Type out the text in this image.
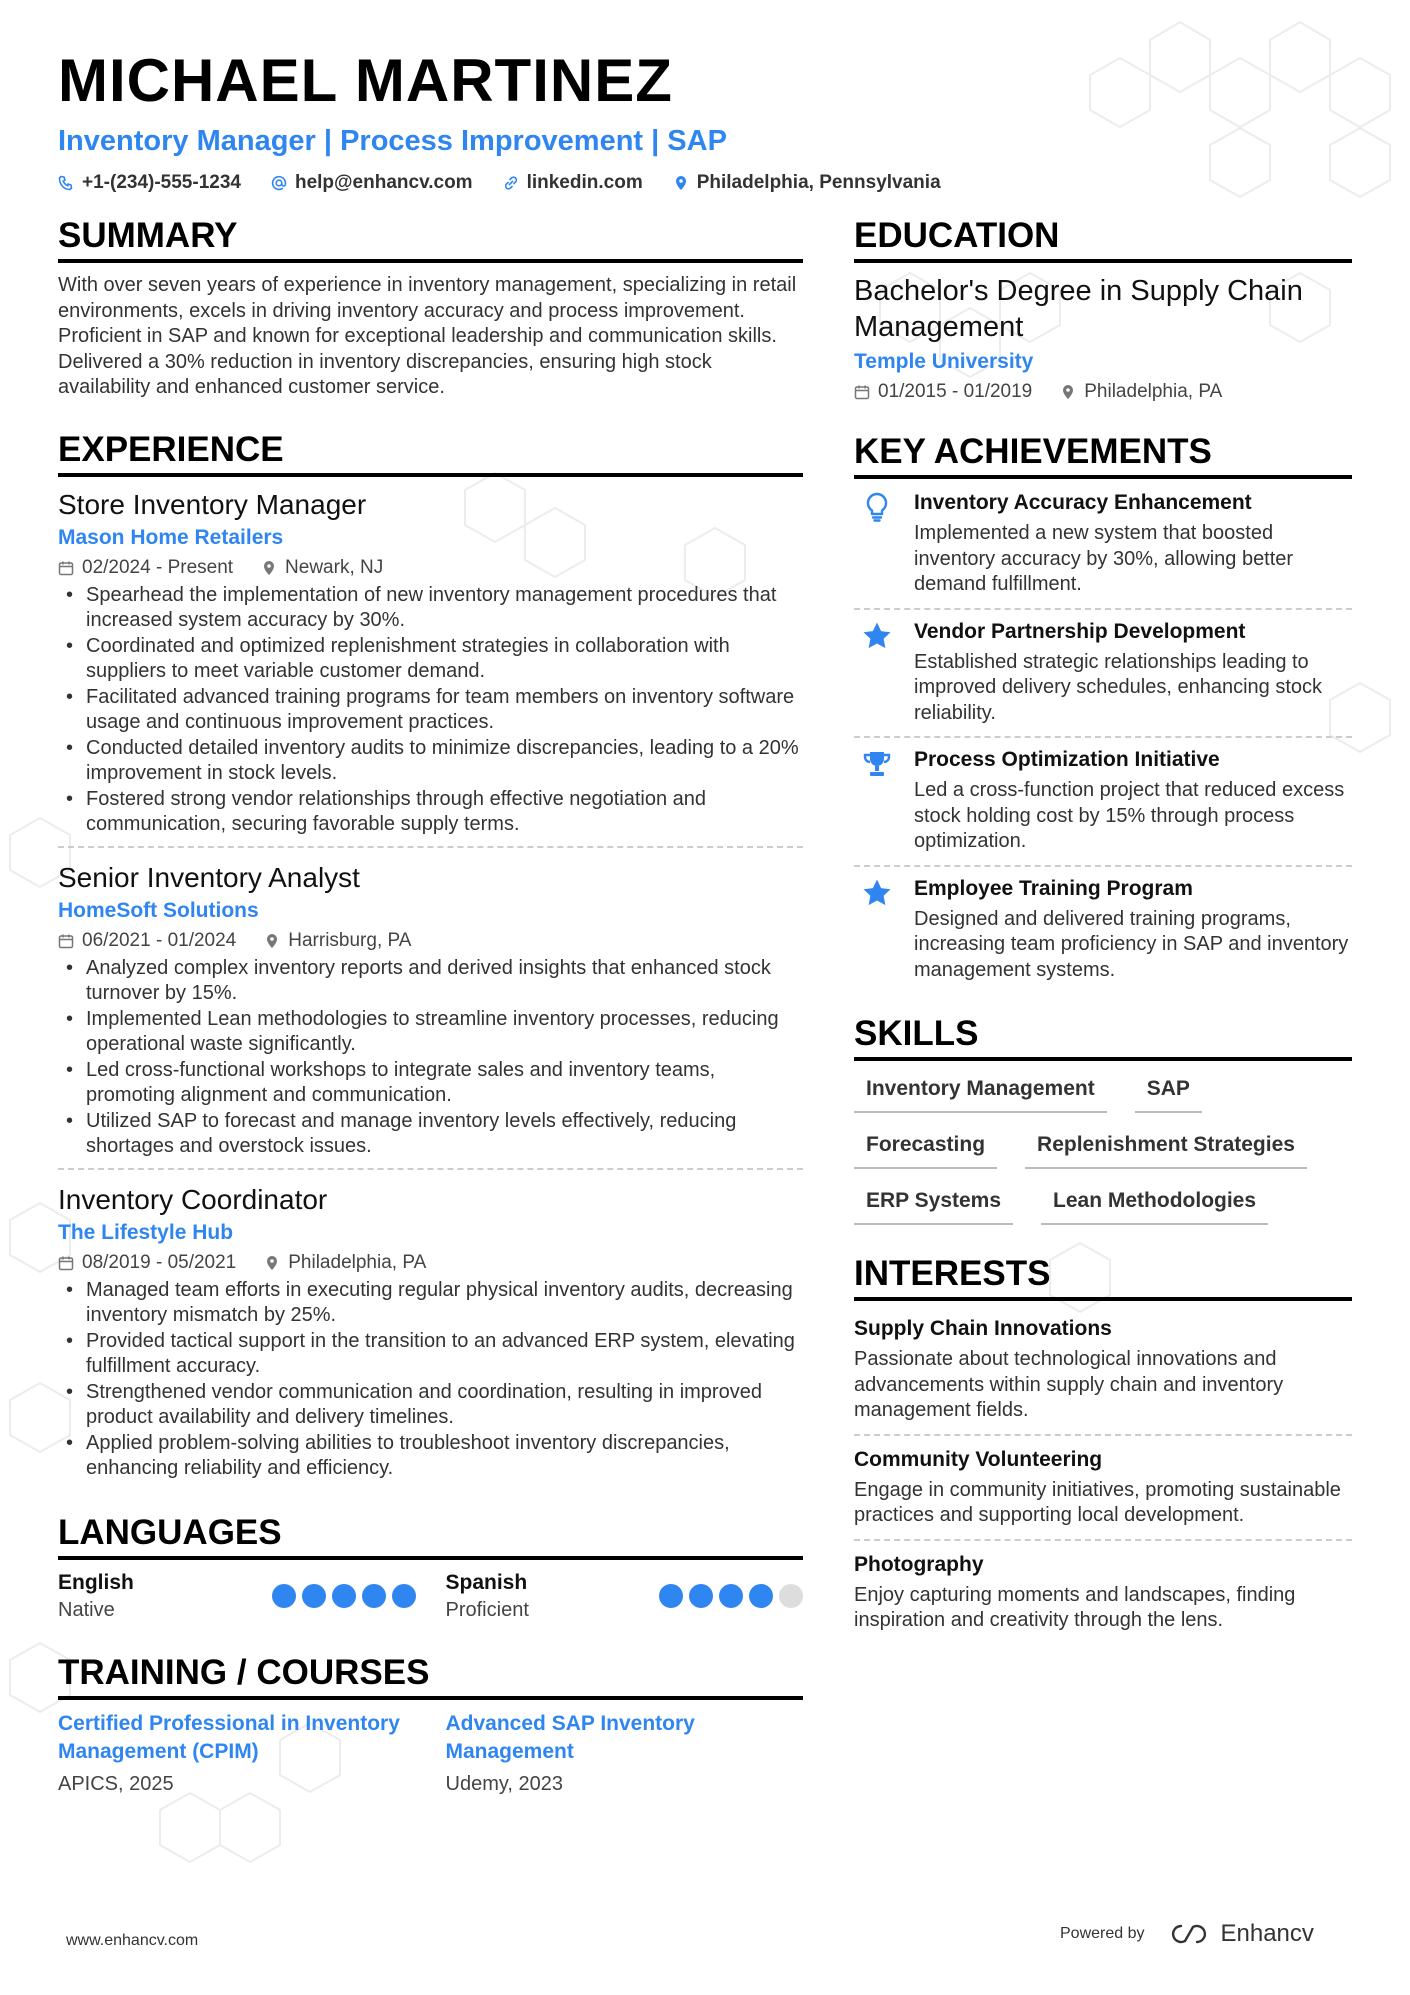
MICHAEL MARTINEZ
Inventory Manager | Process Improvement | SAP
+1-(234)-555-1234	help@enhancv.com	linkedin.com	Philadelphia, Pennsylvania
SUMMARY
With over seven years of experience in inventory management, specializing in retail environments, excels in driving inventory accuracy and process improvement. Proficient in SAP and known for exceptional leadership and communication skills. Delivered a 30% reduction in inventory discrepancies, ensuring high stock availability and enhanced customer service.
EXPERIENCE
Store Inventory Manager
Mason Home Retailers
02/2024 - Present	Newark, NJ
• Spearhead the implementation of new inventory management procedures that increased system accuracy by 30%.
• Coordinated and optimized replenishment strategies in collaboration with suppliers to meet variable customer demand.
• Facilitated advanced training programs for team members on inventory software usage and continuous improvement practices.
• Conducted detailed inventory audits to minimize discrepancies, leading to a 20% improvement in stock levels.
• Fostered strong vendor relationships through effective negotiation and communication, securing favorable supply terms.
Senior Inventory Analyst
HomeSoft Solutions
06/2021 - 01/2024	Harrisburg, PA
• Analyzed complex inventory reports and derived insights that enhanced stock turnover by 15%.
• Implemented Lean methodologies to streamline inventory processes, reducing operational waste significantly.
• Led cross-functional workshops to integrate sales and inventory teams, promoting alignment and communication.
• Utilized SAP to forecast and manage inventory levels effectively, reducing shortages and overstock issues.
Inventory Coordinator
The Lifestyle Hub
08/2019 - 05/2021	Philadelphia, PA
• Managed team efforts in executing regular physical inventory audits, decreasing inventory mismatch by 25%.
• Provided tactical support in the transition to an advanced ERP system, elevating fulfillment accuracy.
• Strengthened vendor communication and coordination, resulting in improved product availability and delivery timelines.
• Applied problem-solving abilities to troubleshoot inventory discrepancies, enhancing reliability and efficiency.
LANGUAGES
English
Native
Spanish
Proficient
TRAINING / COURSES
Certified Professional in Inventory Management (CPIM)
APICS, 2025
Advanced SAP Inventory Management
Udemy, 2023
EDUCATION
Bachelor's Degree in Supply Chain Management
Temple University
01/2015 - 01/2019	Philadelphia, PA
KEY ACHIEVEMENTS
Inventory Accuracy Enhancement
Implemented a new system that boosted inventory accuracy by 30%, allowing better demand fulfillment.
Vendor Partnership Development
Established strategic relationships leading to improved delivery schedules, enhancing stock reliability.
Process Optimization Initiative
Led a cross-function project that reduced excess stock holding cost by 15% through process optimization.
Employee Training Program
Designed and delivered training programs, increasing team proficiency in SAP and inventory management systems.
SKILLS
Inventory Management	SAP
Forecasting	Replenishment Strategies
ERP Systems	Lean Methodologies
INTERESTS
Supply Chain Innovations
Passionate about technological innovations and advancements within supply chain and inventory management fields.
Community Volunteering
Engage in community initiatives, promoting sustainable practices and supporting local development.
Photography
Enjoy capturing moments and landscapes, finding inspiration and creativity through the lens.
www.enhancv.com	Powered by	Enhancv
